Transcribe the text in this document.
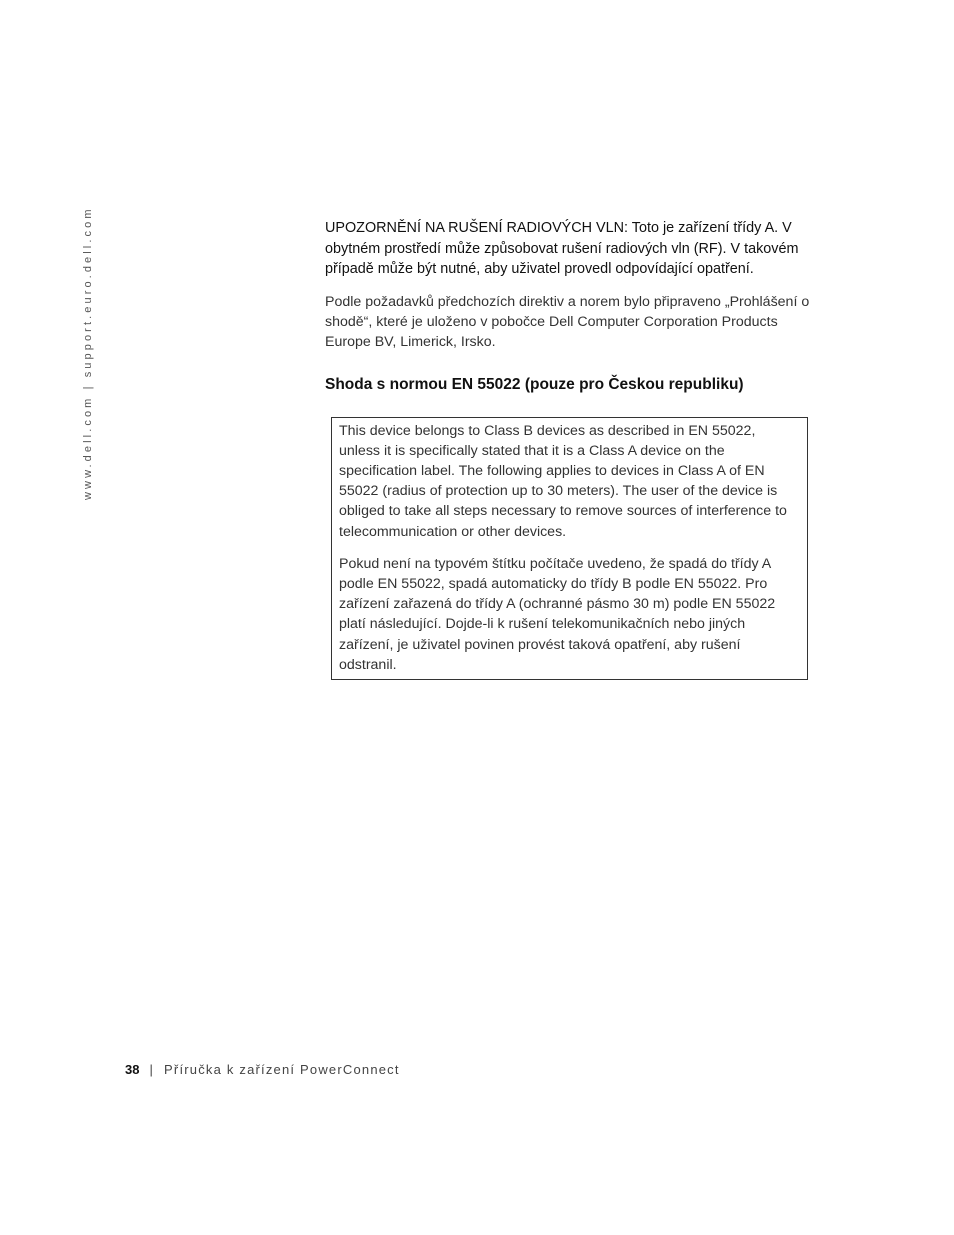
www.dell.com | support.euro.dell.com	UPOZORNĚNÍ NA RUŠENÍ RADIOVÝCH VLN: Toto je zařízení třídy A. V obytném prostředí může způsobovat rušení radiových vln (RF). V takovém případě může být nutné, aby uživatel provedl odpovídající opatření.

Podle požadavků předchozích direktiv a norem bylo připraveno „Prohlášení o shodě“, které je uloženo v pobočce Dell Computer Corporation Products Europe BV, Limerick, Irsko.

Shoda s normou EN 55022 (pouze pro Českou republiku)

This device belongs to Class B devices as described in EN 55022, unless it is specifically stated that it is a Class A device on the specification label. The following applies to devices in Class A of EN 55022 (radius of protection up to 30 meters). The user of the device is obliged to take all steps necessary to remove sources of interference to telecommunication or other devices.

Pokud není na typovém štítku počítače uvedeno, že spadá do třídy A podle EN 55022, spadá automaticky do třídy B podle EN 55022. Pro zařízení zařazená do třídy A (ochranné pásmo 30 m) podle EN 55022 platí následující. Dojde-li k rušení telekomunikačních nebo jiných zařízení, je uživatel povinen provést taková opatření, aby rušení odstranil.

38 | Příručka k zařízení PowerConnect
